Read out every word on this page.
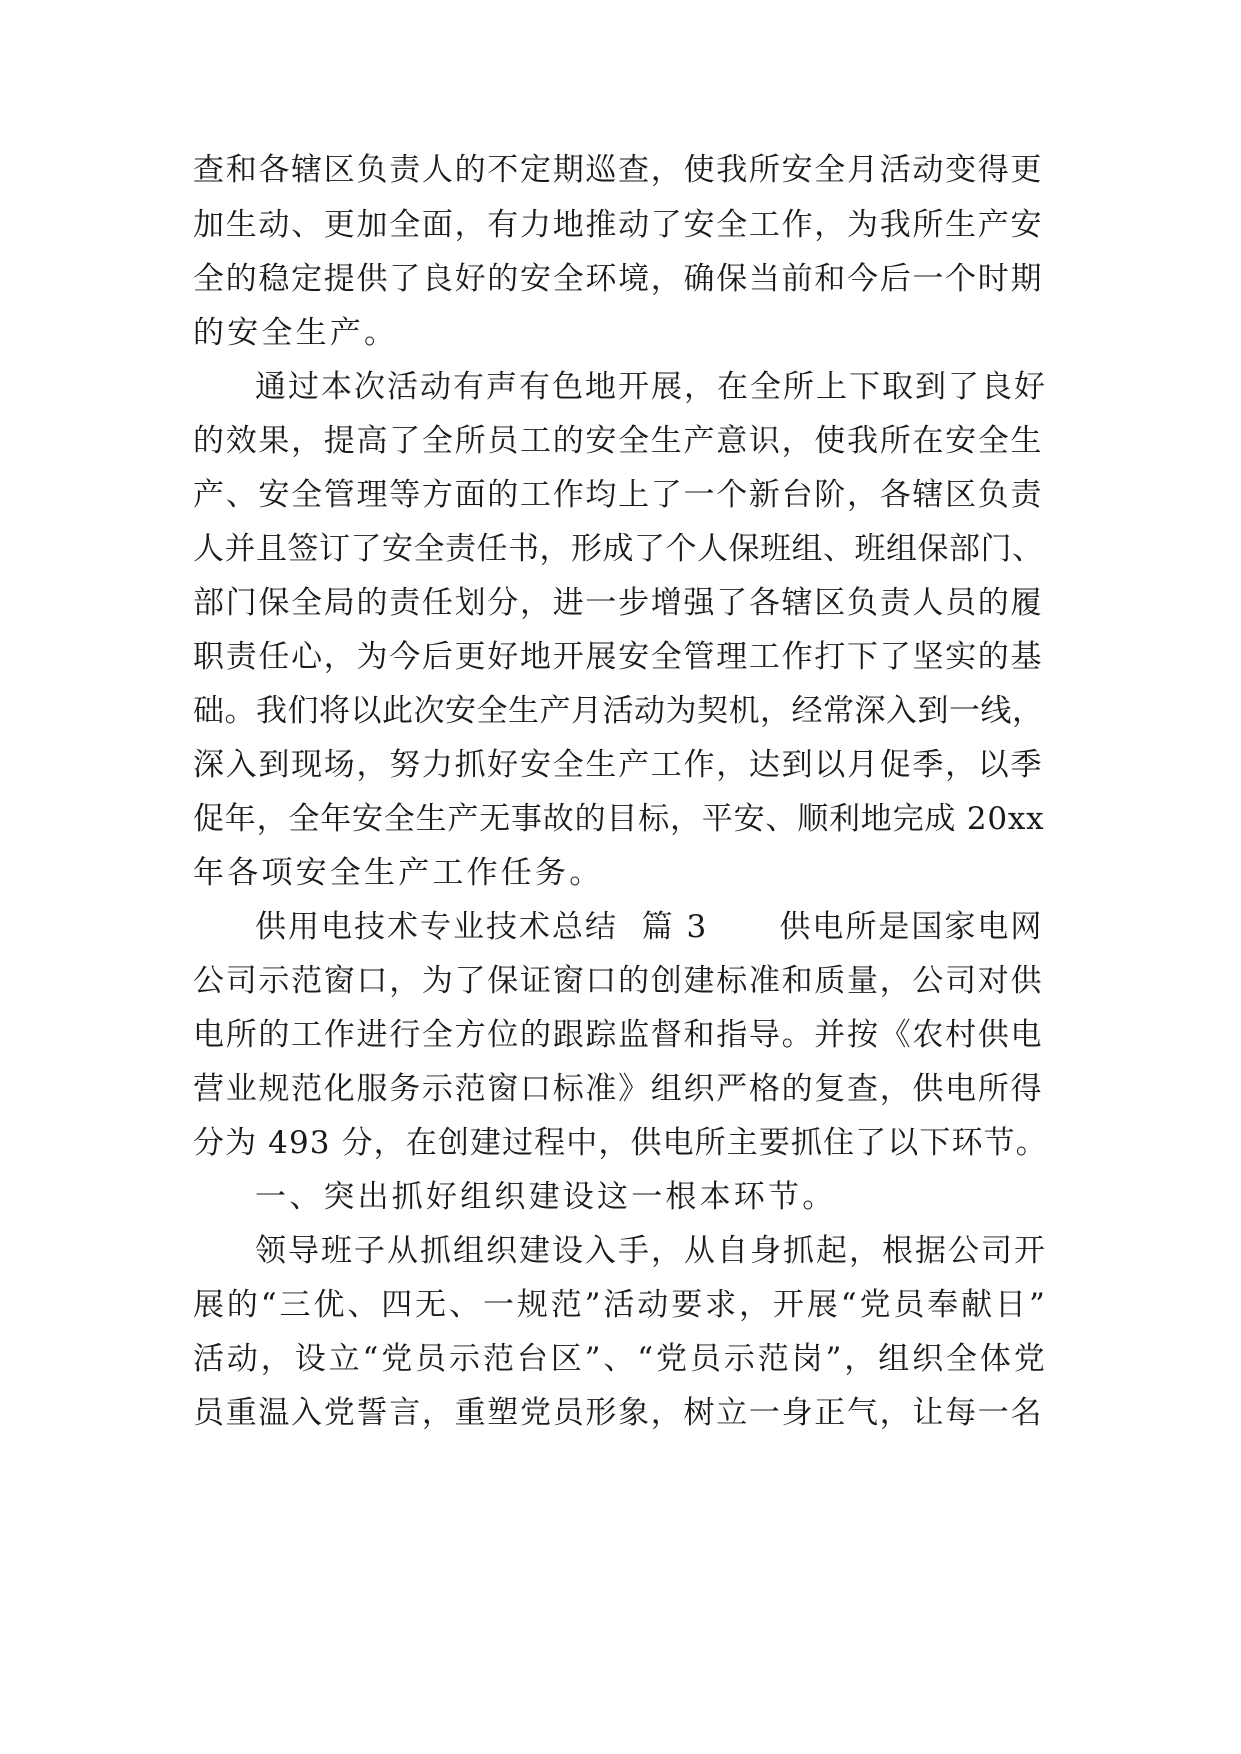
查和各辖区负责人的不定期巡查，使我所安全月活动变得更
加生动、更加全面，有力地推动了安全工作，为我所生产安
全的稳定提供了良好的安全环境，确保当前和今后一个时期
的安全生产。
通过本次活动有声有色地开展，在全所上下取到了良好
的效果，提高了全所员工的安全生产意识，使我所在安全生
产、安全管理等方面的工作均上了一个新台阶，各辖区负责
人并且签订了安全责任书，形成了个人保班组、班组保部门、
部门保全局的责任划分，进一步增强了各辖区负责人员的履
职责任心，为今后更好地开展安全管理工作打下了坚实的基
础。我们将以此次安全生产月活动为契机，经常深入到一线，
深入到现场，努力抓好安全生产工作，达到以月促季，以季
促年，全年安全生产无事故的目标，平安、顺利地完成 20xx
年各项安全生产工作任务。
供用电技术专业技术总结  篇 3      供电所是国家电网
公司示范窗口，为了保证窗口的创建标准和质量，公司对供
电所的工作进行全方位的跟踪监督和指导。并按《农村供电
营业规范化服务示范窗口标准》组织严格的复查，供电所得
分为 493 分，在创建过程中，供电所主要抓住了以下环节。
一、突出抓好组织建设这一根本环节。
领导班子从抓组织建设入手，从自身抓起，根据公司开
展的“三优、四无、一规范”活动要求，开展“党员奉献日”
活动，设立“党员示范台区”、“党员示范岗”，组织全体党
员重温入党誓言，重塑党员形象，树立一身正气，让每一名
